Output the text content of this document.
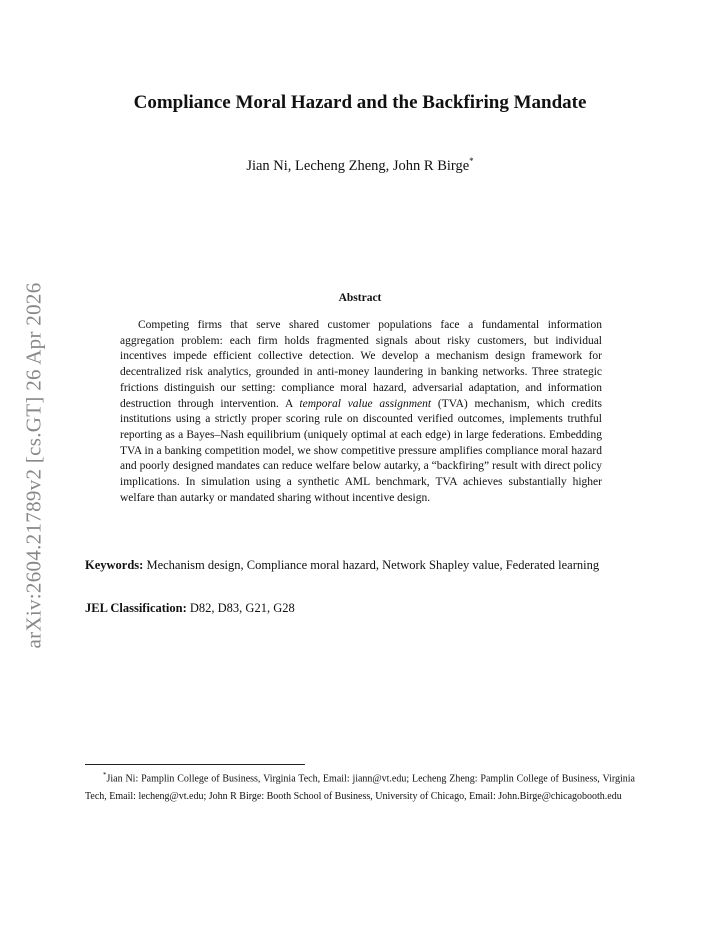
arXiv:2604.21789v2 [cs.GT] 26 Apr 2026
Compliance Moral Hazard and the Backfiring Mandate

Jian Ni, Lecheng Zheng, John R Birge*

Abstract

Competing firms that serve shared customer populations face a fundamental information aggregation problem: each firm holds fragmented signals about risky customers, but individual incentives impede efficient collective detection. We develop a mechanism design framework for decentralized risk analytics, grounded in anti-money laundering in banking networks. Three strategic frictions distinguish our setting: compliance moral hazard, adversarial adaptation, and information destruction through intervention. A temporal value assignment (TVA) mechanism, which credits institutions using a strictly proper scoring rule on discounted verified outcomes, implements truthful reporting as a Bayes–Nash equilibrium (uniquely optimal at each edge) in large federations. Embedding TVA in a banking competition model, we show competitive pressure amplifies compliance moral hazard and poorly designed mandates can reduce welfare below autarky, a “backfiring” result with direct policy implications. In simulation using a synthetic AML benchmark, TVA achieves substantially higher welfare than autarky or mandated sharing without incentive design.

Keywords: Mechanism design, Compliance moral hazard, Network Shapley value, Federated learning

JEL Classification: D82, D83, G21, G28

*Jian Ni: Pamplin College of Business, Virginia Tech, Email: jiann@vt.edu; Lecheng Zheng: Pamplin College of Business, Virginia Tech, Email: lecheng@vt.edu; John R Birge: Booth School of Business, University of Chicago, Email: John.Birge@chicagobooth.edu
